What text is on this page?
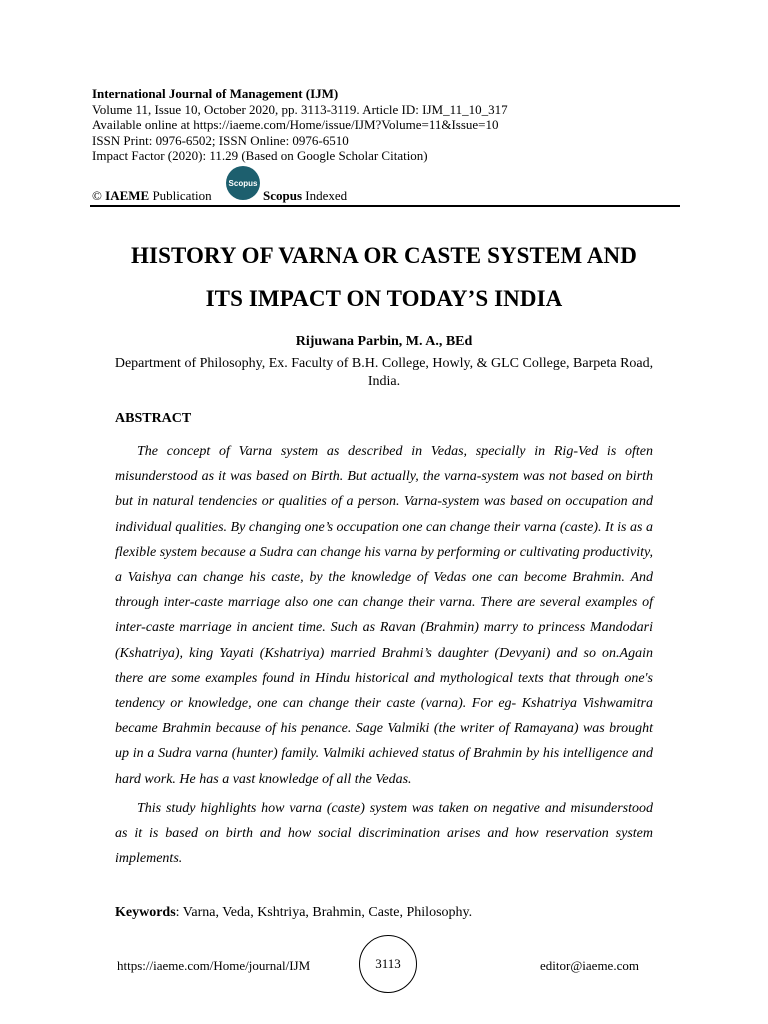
International Journal of Management (IJM)
Volume 11, Issue 10, October 2020, pp. 3113-3119. Article ID: IJM_11_10_317
Available online at https://iaeme.com/Home/issue/IJM?Volume=11&Issue=10
ISSN Print: 0976-6502; ISSN Online: 0976-6510
Impact Factor (2020): 11.29 (Based on Google Scholar Citation)
© IAEME Publication
Scopus
Scopus Indexed
HISTORY OF VARNA OR CASTE SYSTEM AND
ITS IMPACT ON TODAY’S INDIA
Rijuwana Parbin, M. A., BEd
Department of Philosophy, Ex. Faculty of B.H. College, Howly, & GLC College, Barpeta Road, India.
ABSTRACT

The concept of Varna system as described in Vedas, specially in Rig-Ved is often misunderstood as it was based on Birth. But actually, the varna-system was not based on birth but in natural tendencies or qualities of a person. Varna-system was based on occupation and individual qualities. By changing one’s occupation one can change their varna (caste). It is as a flexible system because a Sudra can change his varna by performing or cultivating productivity, a Vaishya can change his caste, by the knowledge of Vedas one can become Brahmin. And through inter-caste marriage also one can change their varna. There are several examples of inter-caste marriage in ancient time. Such as Ravan (Brahmin) marry to princess Mandodari (Kshatriya), king Yayati (Kshatriya) married Brahmi’s daughter (Devyani) and so on.Again there are some examples found in Hindu historical and mythological texts that through one's tendency or knowledge, one can change their caste (varna). For eg- Kshatriya Vishwamitra became Brahmin because of his penance. Sage Valmiki (the writer of Ramayana) was brought up in a Sudra varna (hunter) family. Valmiki achieved status of Brahmin by his intelligence and hard work. He has a vast knowledge of all the Vedas.

This study highlights how varna (caste) system was taken on negative and misunderstood as it is based on birth and how social discrimination arises and how reservation system implements.

Keywords: Varna, Veda, Kshtriya, Brahmin, Caste, Philosophy.
https://iaeme.com/Home/journal/IJM	3113	editor@iaeme.com
